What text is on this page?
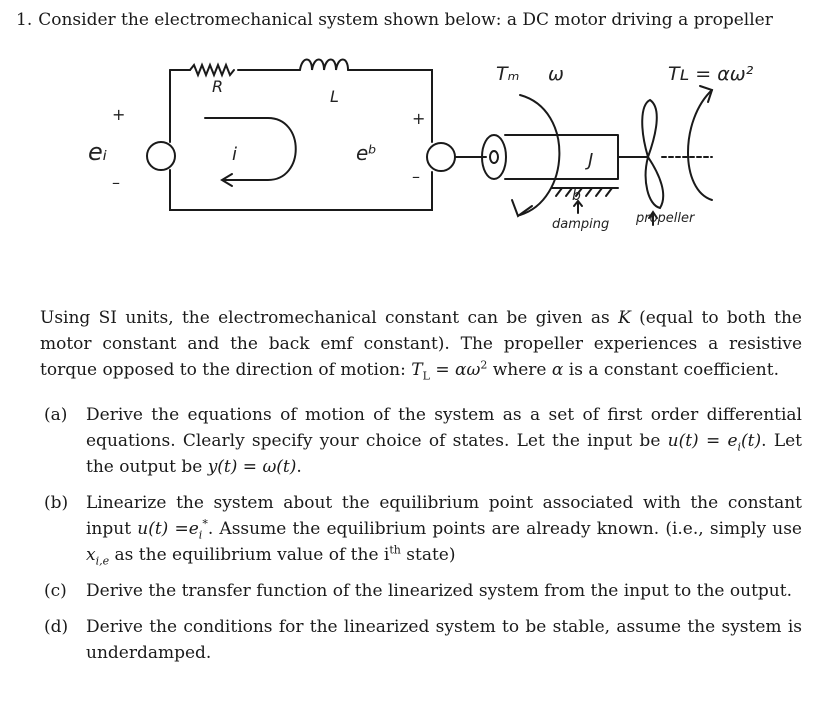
1. Consider the electromechanical system shown below: a DC motor driving a propeller
R
L
+
–
eᵢ	i
+
–
eᵇ
Tₘ ω	Tʟ = αω²
J
b
damping propeller
Using SI units, the electromechanical constant can be given as K (equal to both the motor constant and the back emf constant). The propeller experiences a resistive torque opposed to the direction of motion: $T_L = \alpha\omega^2$ where α is a constant coefficient.
(a) Derive the equations of motion of the system as a set of first order differential equations. Clearly specify your choice of states. Let the input be $u(t) = e_i(t)$. Let the output be y(t) = ω(t).
(b) Linearize the system about the equilibrium point associated with the constant input $u(t) =e_i^*$. Assume the equilibrium points are already known. (i.e., simply use $x_{i,e}$ as the equilibrium value of the $i^{th}$ state)
(c) Derive the transfer function of the linearized system from the input to the output.
(d) Derive the conditions for the linearized system to be stable, assume the system is underdamped.
